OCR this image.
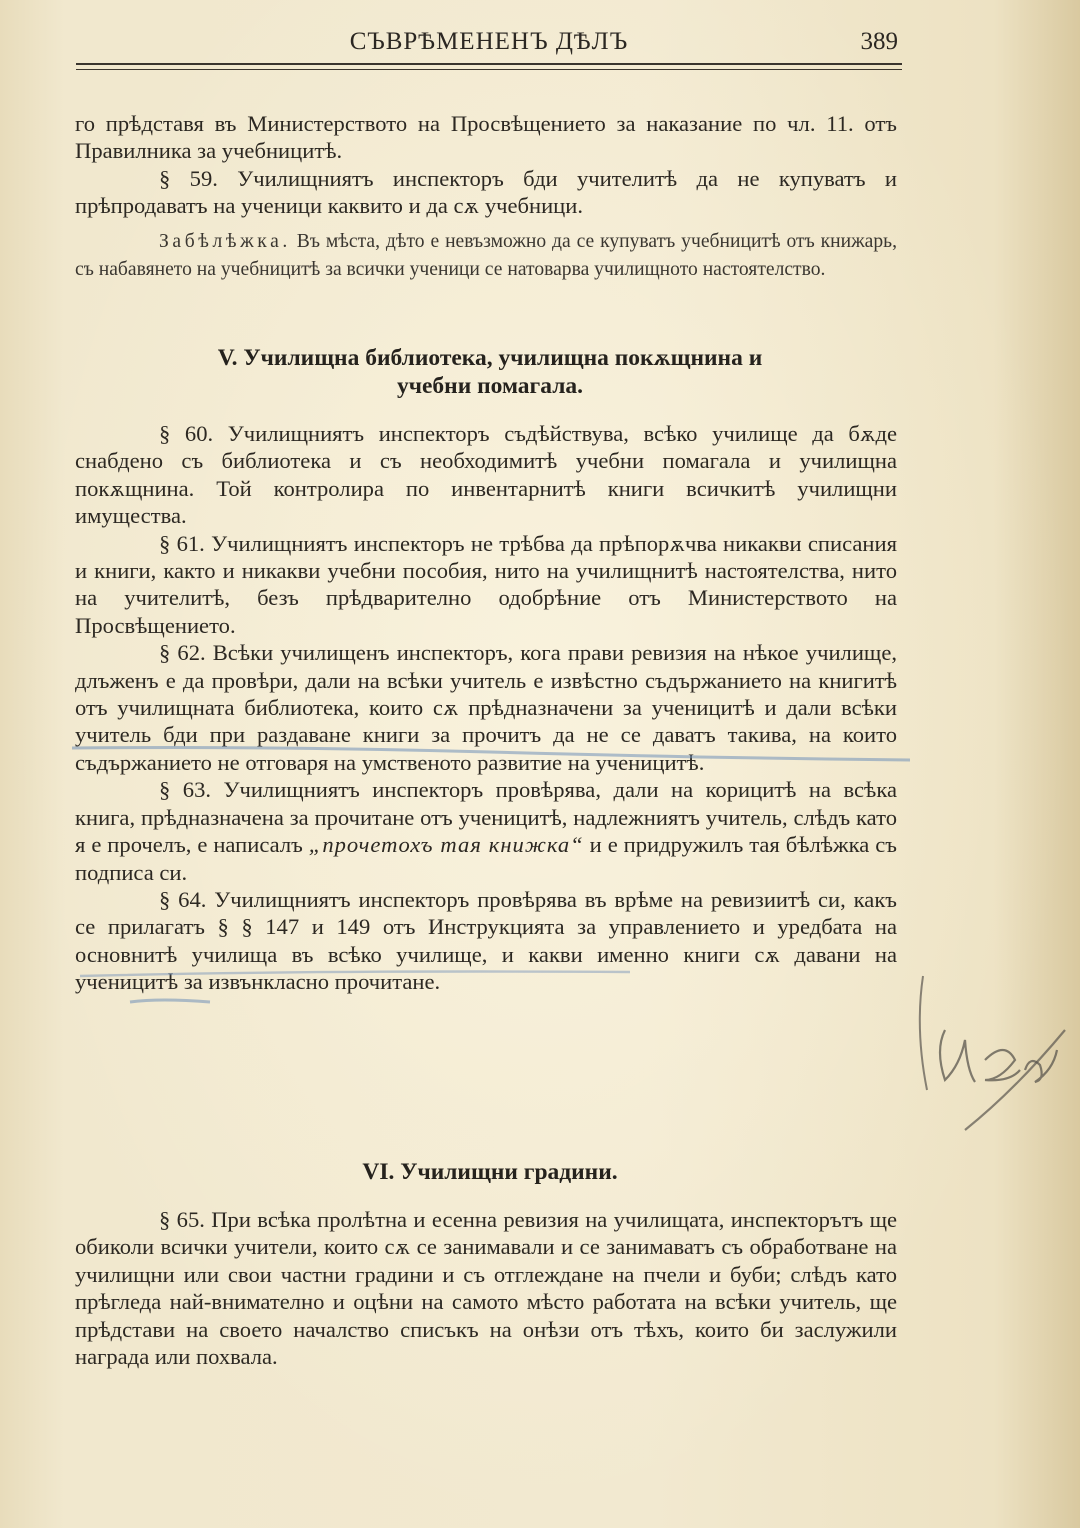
СЪВРѢМЕНЕНЪ ДѢЛЪ	389

го прѣдставя въ Министерството на Просвѣщението за наказание по чл. 11. отъ Правилника за учебницитѣ.

§ 59. Училищниятъ инспекторъ бди учителитѣ да не купуватъ и прѣпродаватъ на ученици каквито и да сѫ учебници.

Забѣлѣжка. Въ мѣста, дѣто е невъзможно да се купуватъ учебницитѣ отъ книжарь, съ набавянето на учебницитѣ за всички ученици се натоварва училищното настоятелство.

V. Училищна библиотека, училищна покѫщнина и
учебни помагала.

§ 60. Училищниятъ инспекторъ съдѣйствува, всѣко училище да бѫде снабдено съ библиотека и съ необходимитѣ учебни помагала и училищна покѫщнина. Той контролира по инвентарнитѣ книги всичкитѣ училищни имущества.

§ 61. Училищниятъ инспекторъ не трѣбва да прѣпорѫчва никакви списания и книги, както и никакви учебни пособия, нито на училищнитѣ настоятелства, нито на учителитѣ, безъ прѣдварително одобрѣние отъ Министерството на Просвѣщението.

§ 62. Всѣки училищенъ инспекторъ, кога прави ревизия на нѣкое училище, длъженъ е да провѣри, дали на всѣки учитель е извѣстно съдържанието на книгитѣ отъ училищната библиотека, които сѫ прѣдназначени за ученицитѣ и дали всѣки учитель бди при раздаване книги за прочитъ да не се даватъ такива, на които съдържанието не отговаря на умственото развитие на ученицитѣ.

§ 63. Училищниятъ инспекторъ провѣрява, дали на корицитѣ на всѣка книга, прѣдназначена за прочитане отъ ученицитѣ, надлежниятъ учитель, слѣдъ като я е прочелъ, е написалъ „прочетохъ тая книжка“ и е придружилъ тая бѣлѣжка съ подписа си.

§ 64. Училищниятъ инспекторъ провѣрява въ врѣме на ревизиитѣ си, какъ се прилагатъ § § 147 и 149 отъ Инструкцията за управлението и уредбата на основнитѣ училища въ всѣко училище, и какви именно книги сѫ давани на ученицитѣ за извънкласно прочитане.

VI. Училищни градини.

§ 65. При всѣка пролѣтна и есенна ревизия на училищата, инспекторътъ ще обиколи всички учители, които сѫ се занимавали и се занимаватъ съ обработване на училищни или свои частни градини и съ отглеждане на пчели и буби; слѣдъ като прѣгледа най-внимателно и оцѣни на самото мѣсто работата на всѣки учитель, ще прѣдстави на своето началство списъкъ на онѣзи отъ тѣхъ, които би заслужили награда или похвала.
